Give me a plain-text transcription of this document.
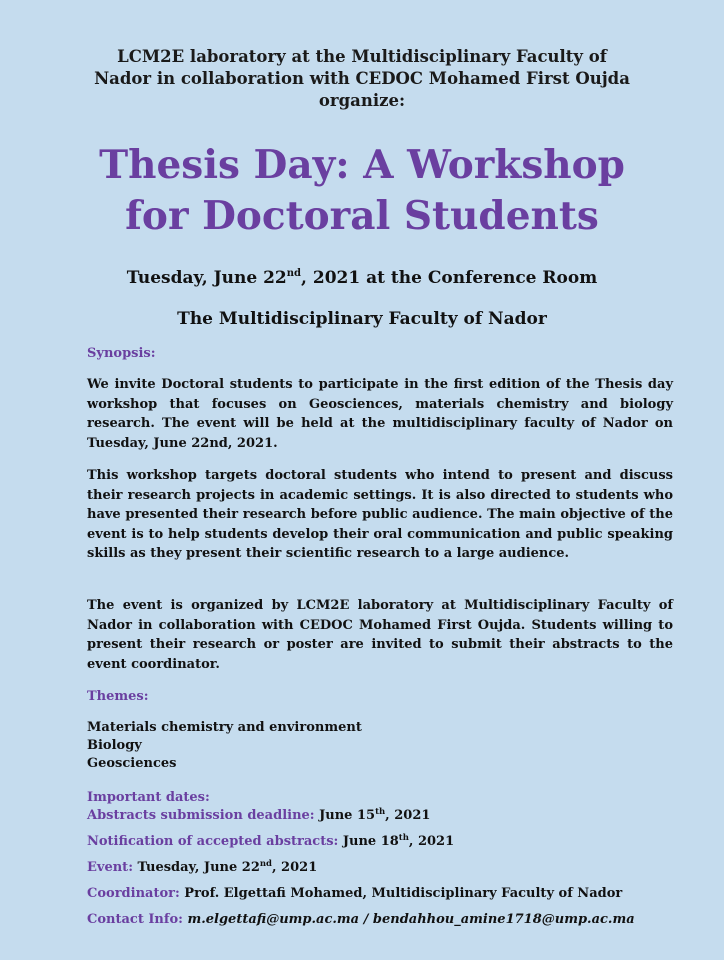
LCM2E laboratory at the Multidisciplinary Faculty of
Nador in collaboration with CEDOC Mohamed First Oujda
organize:
Thesis Day: A Workshop
for Doctoral Students
Tuesday, June 22nd, 2021 at the Conference Room
The Multidisciplinary Faculty of Nador
Synopsis:
We invite Doctoral students to participate in the first edition of the Thesis day workshop that focuses on Geosciences, materials chemistry and biology research. The event will be held at the multidisciplinary faculty of Nador on Tuesday, June 22nd, 2021.
This workshop targets doctoral students who intend to present and discuss their research projects in academic settings. It is also directed to students who have presented their research before public audience. The main objective of the event is to help students develop their oral communication and public speaking skills as they present their scientific research to a large audience.
The event is organized by LCM2E laboratory at Multidisciplinary Faculty of Nador in collaboration with CEDOC Mohamed First Oujda. Students willing to present their research or poster are invited to submit their abstracts to the event coordinator.
Themes:
Materials chemistry and environment
Biology
Geosciences
Important dates:
Abstracts submission deadline: June 15th, 2021
Notification of accepted abstracts: June 18th, 2021
Event: Tuesday, June 22nd, 2021
Coordinator: Prof. Elgettafi Mohamed, Multidisciplinary Faculty of Nador
Contact Info: m.elgettafi@ump.ac.ma / bendahhou_amine1718@ump.ac.ma
